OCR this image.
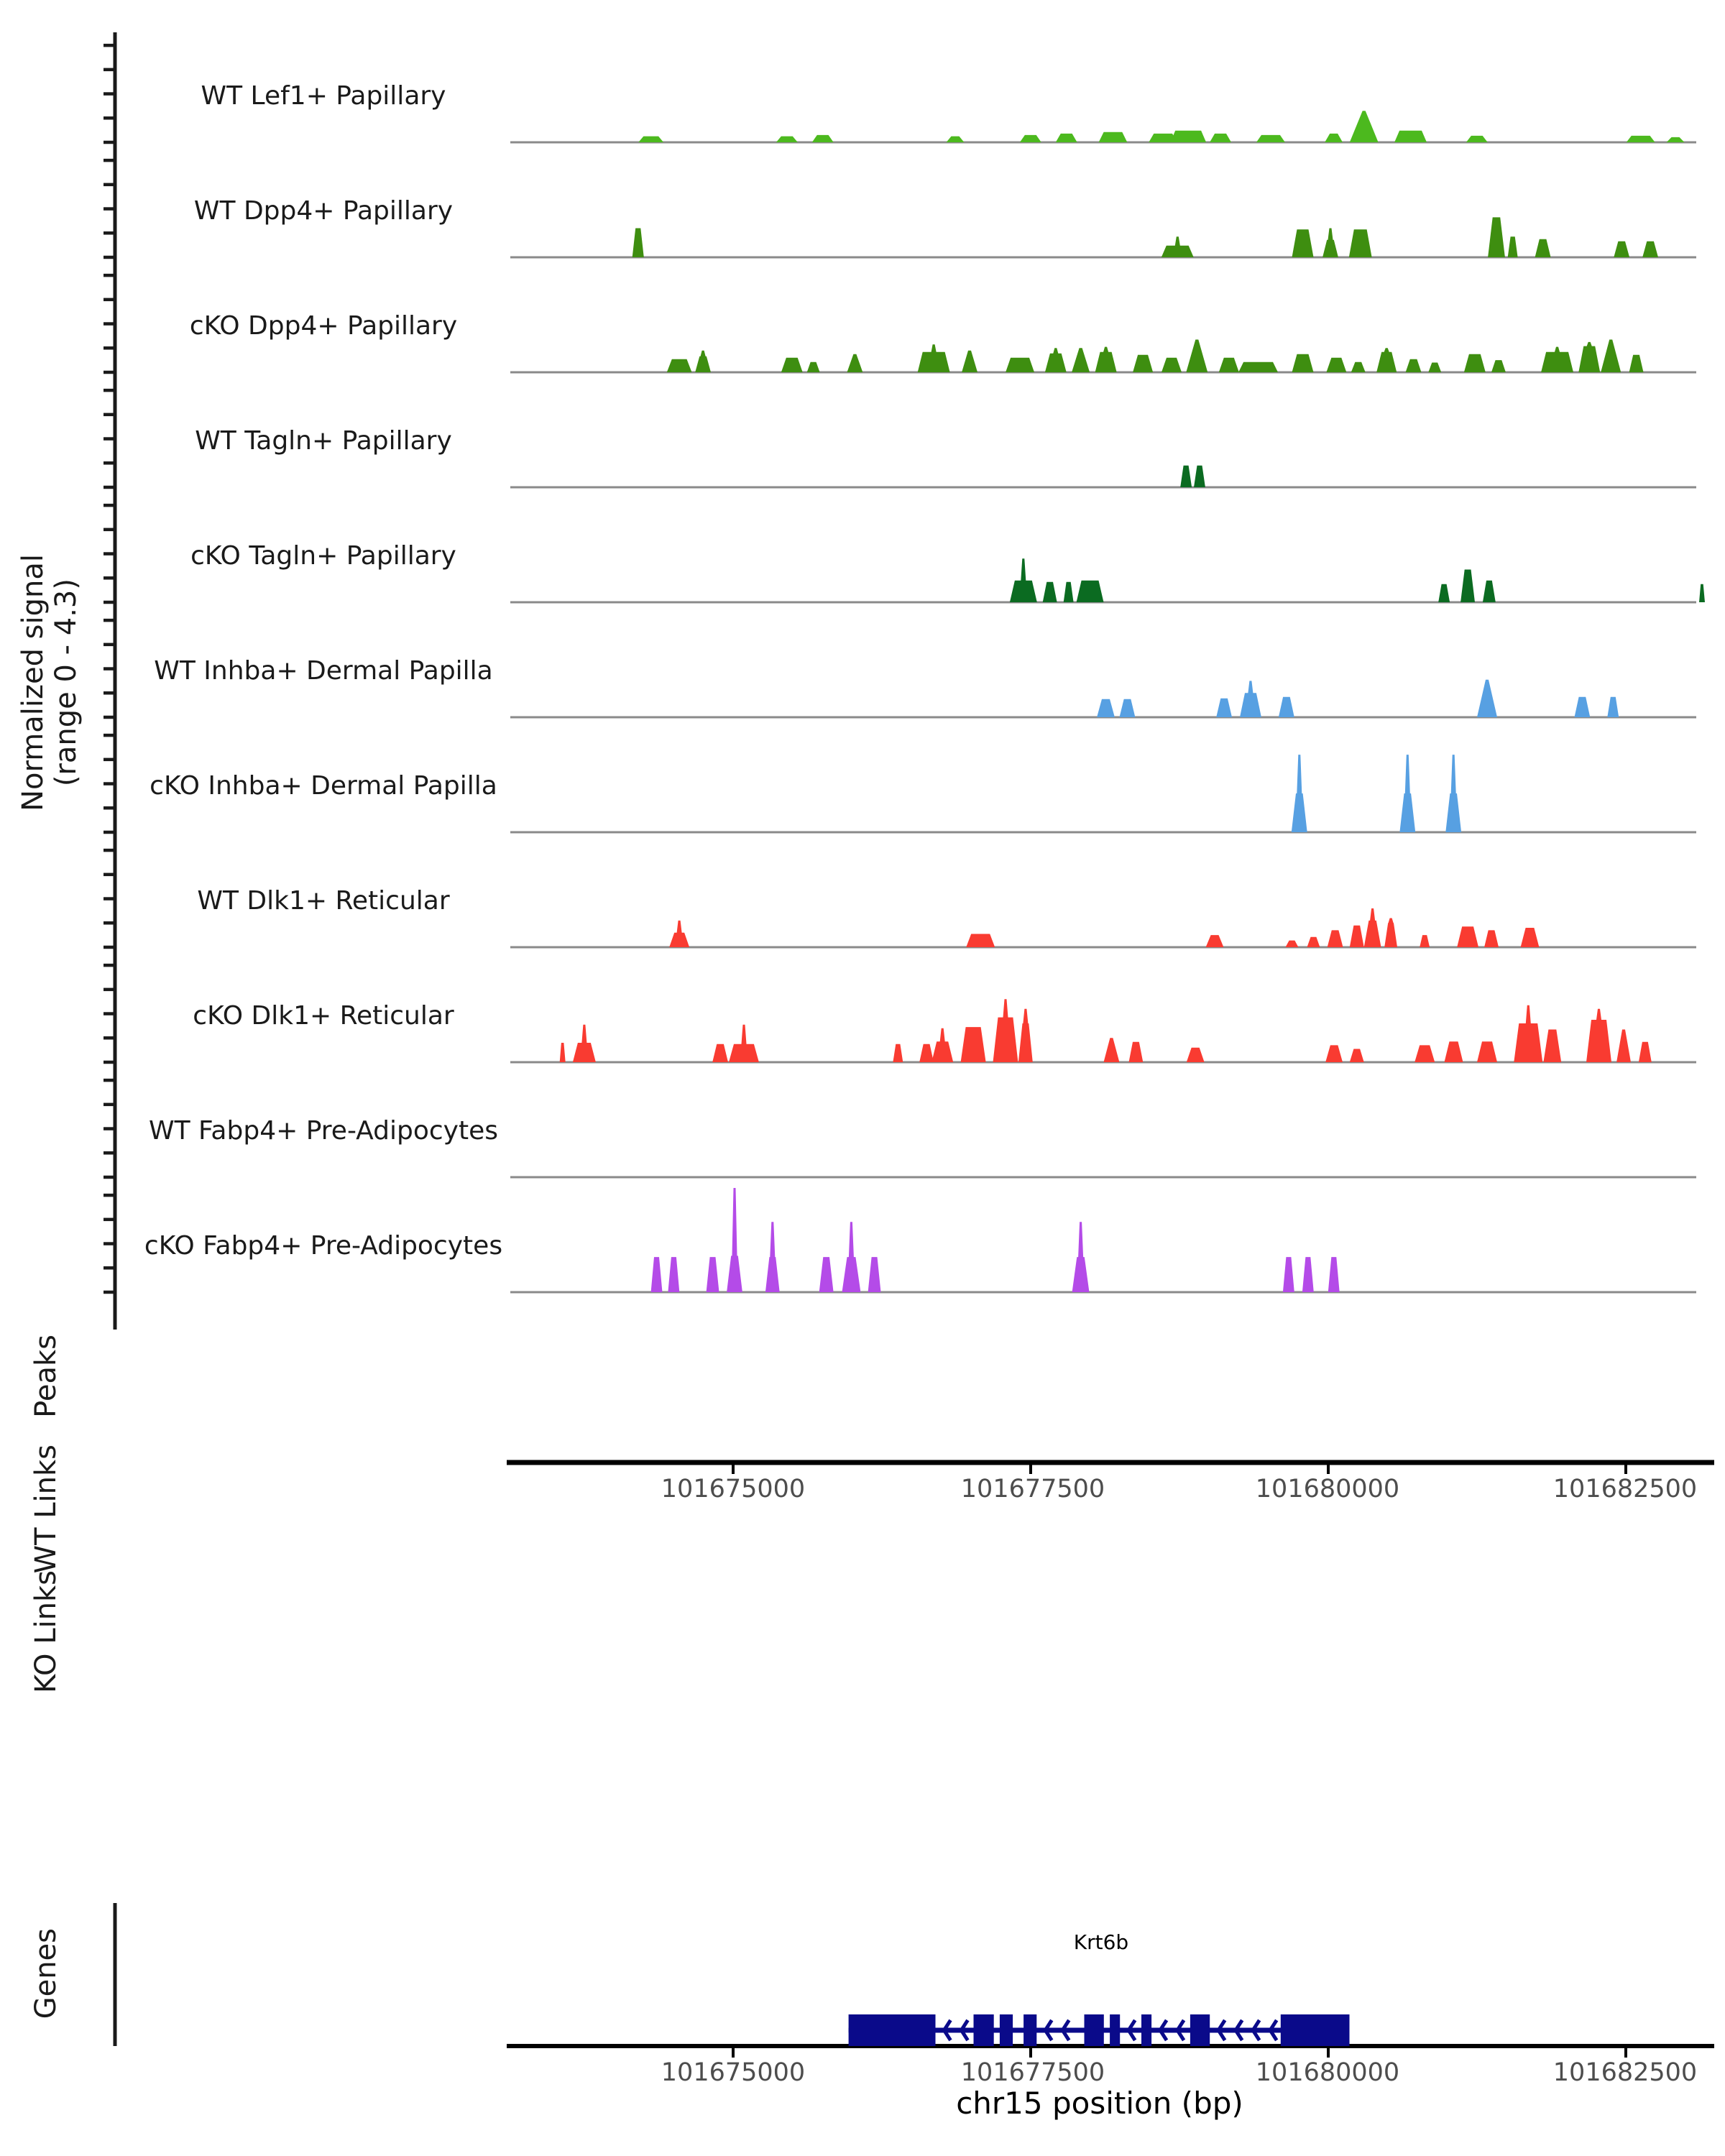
Normalized signal (range 0 - 4.3)
WT Lef1+ Papillary
WT Dpp4+ Papillary
cKO Dpp4+ Papillary
WT Tagln+ Papillary
cKO Tagln+ Papillary
WT Inhba+ Dermal Papilla
cKO Inhba+ Dermal Papilla
WT Dlk1+ Reticular
cKO Dlk1+ Reticular
WT Fabp4+ Pre-Adipocytes
cKO Fabp4+ Pre-Adipocytes
Peaks
WT Links
KO Links
Genes
101675000	101677500	101680000	101682500
Krt6b
101675000	101677500	101680000	101682500
chr15 position (bp)
